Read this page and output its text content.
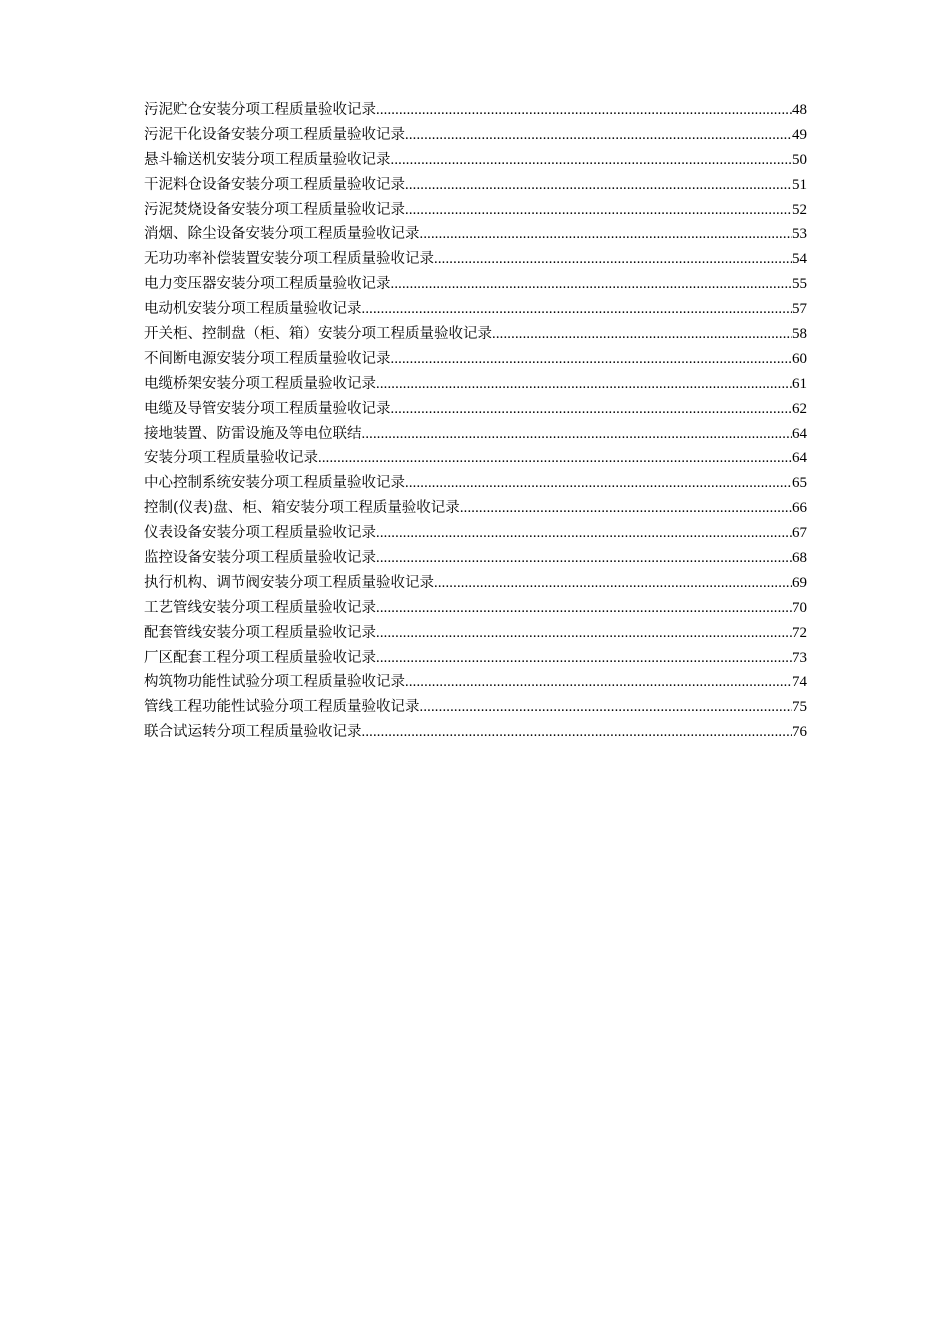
污泥贮仓安装分项工程质量验收记录 .....	48
污泥干化设备安装分项工程质量验收记录 .....	49
悬斗输送机安装分项工程质量验收记录 .....	50
干泥料仓设备安装分项工程质量验收记录 .....	51
污泥焚烧设备安装分项工程质量验收记录 .....	52
消烟、除尘设备安装分项工程质量验收记录 .....	53
无功功率补偿装置安装分项工程质量验收记录 .....	54
电力变压器安装分项工程质量验收记录 .....	55
电动机安装分项工程质量验收记录 .....	57
开关柜、控制盘（柜、箱）安装分项工程质量验收记录 .....	58
不间断电源安装分项工程质量验收记录 .....	60
电缆桥架安装分项工程质量验收记录 .....	61
电缆及导管安装分项工程质量验收记录 .....	62
接地装置、防雷设施及等电位联结 .....	64
安装分项工程质量验收记录 .....	64
中心控制系统安装分项工程质量验收记录 .....	65
控制(仪表)盘、柜、箱安装分项工程质量验收记录 .....	66
仪表设备安装分项工程质量验收记录 .....	67
监控设备安装分项工程质量验收记录 .....	68
执行机构、调节阀安装分项工程质量验收记录 .....	69
工艺管线安装分项工程质量验收记录 .....	70
配套管线安装分项工程质量验收记录 .....	72
厂区配套工程分项工程质量验收记录 .....	73
构筑物功能性试验分项工程质量验收记录 .....	74
管线工程功能性试验分项工程质量验收记录 .....	75
联合试运转分项工程质量验收记录 .....	76
